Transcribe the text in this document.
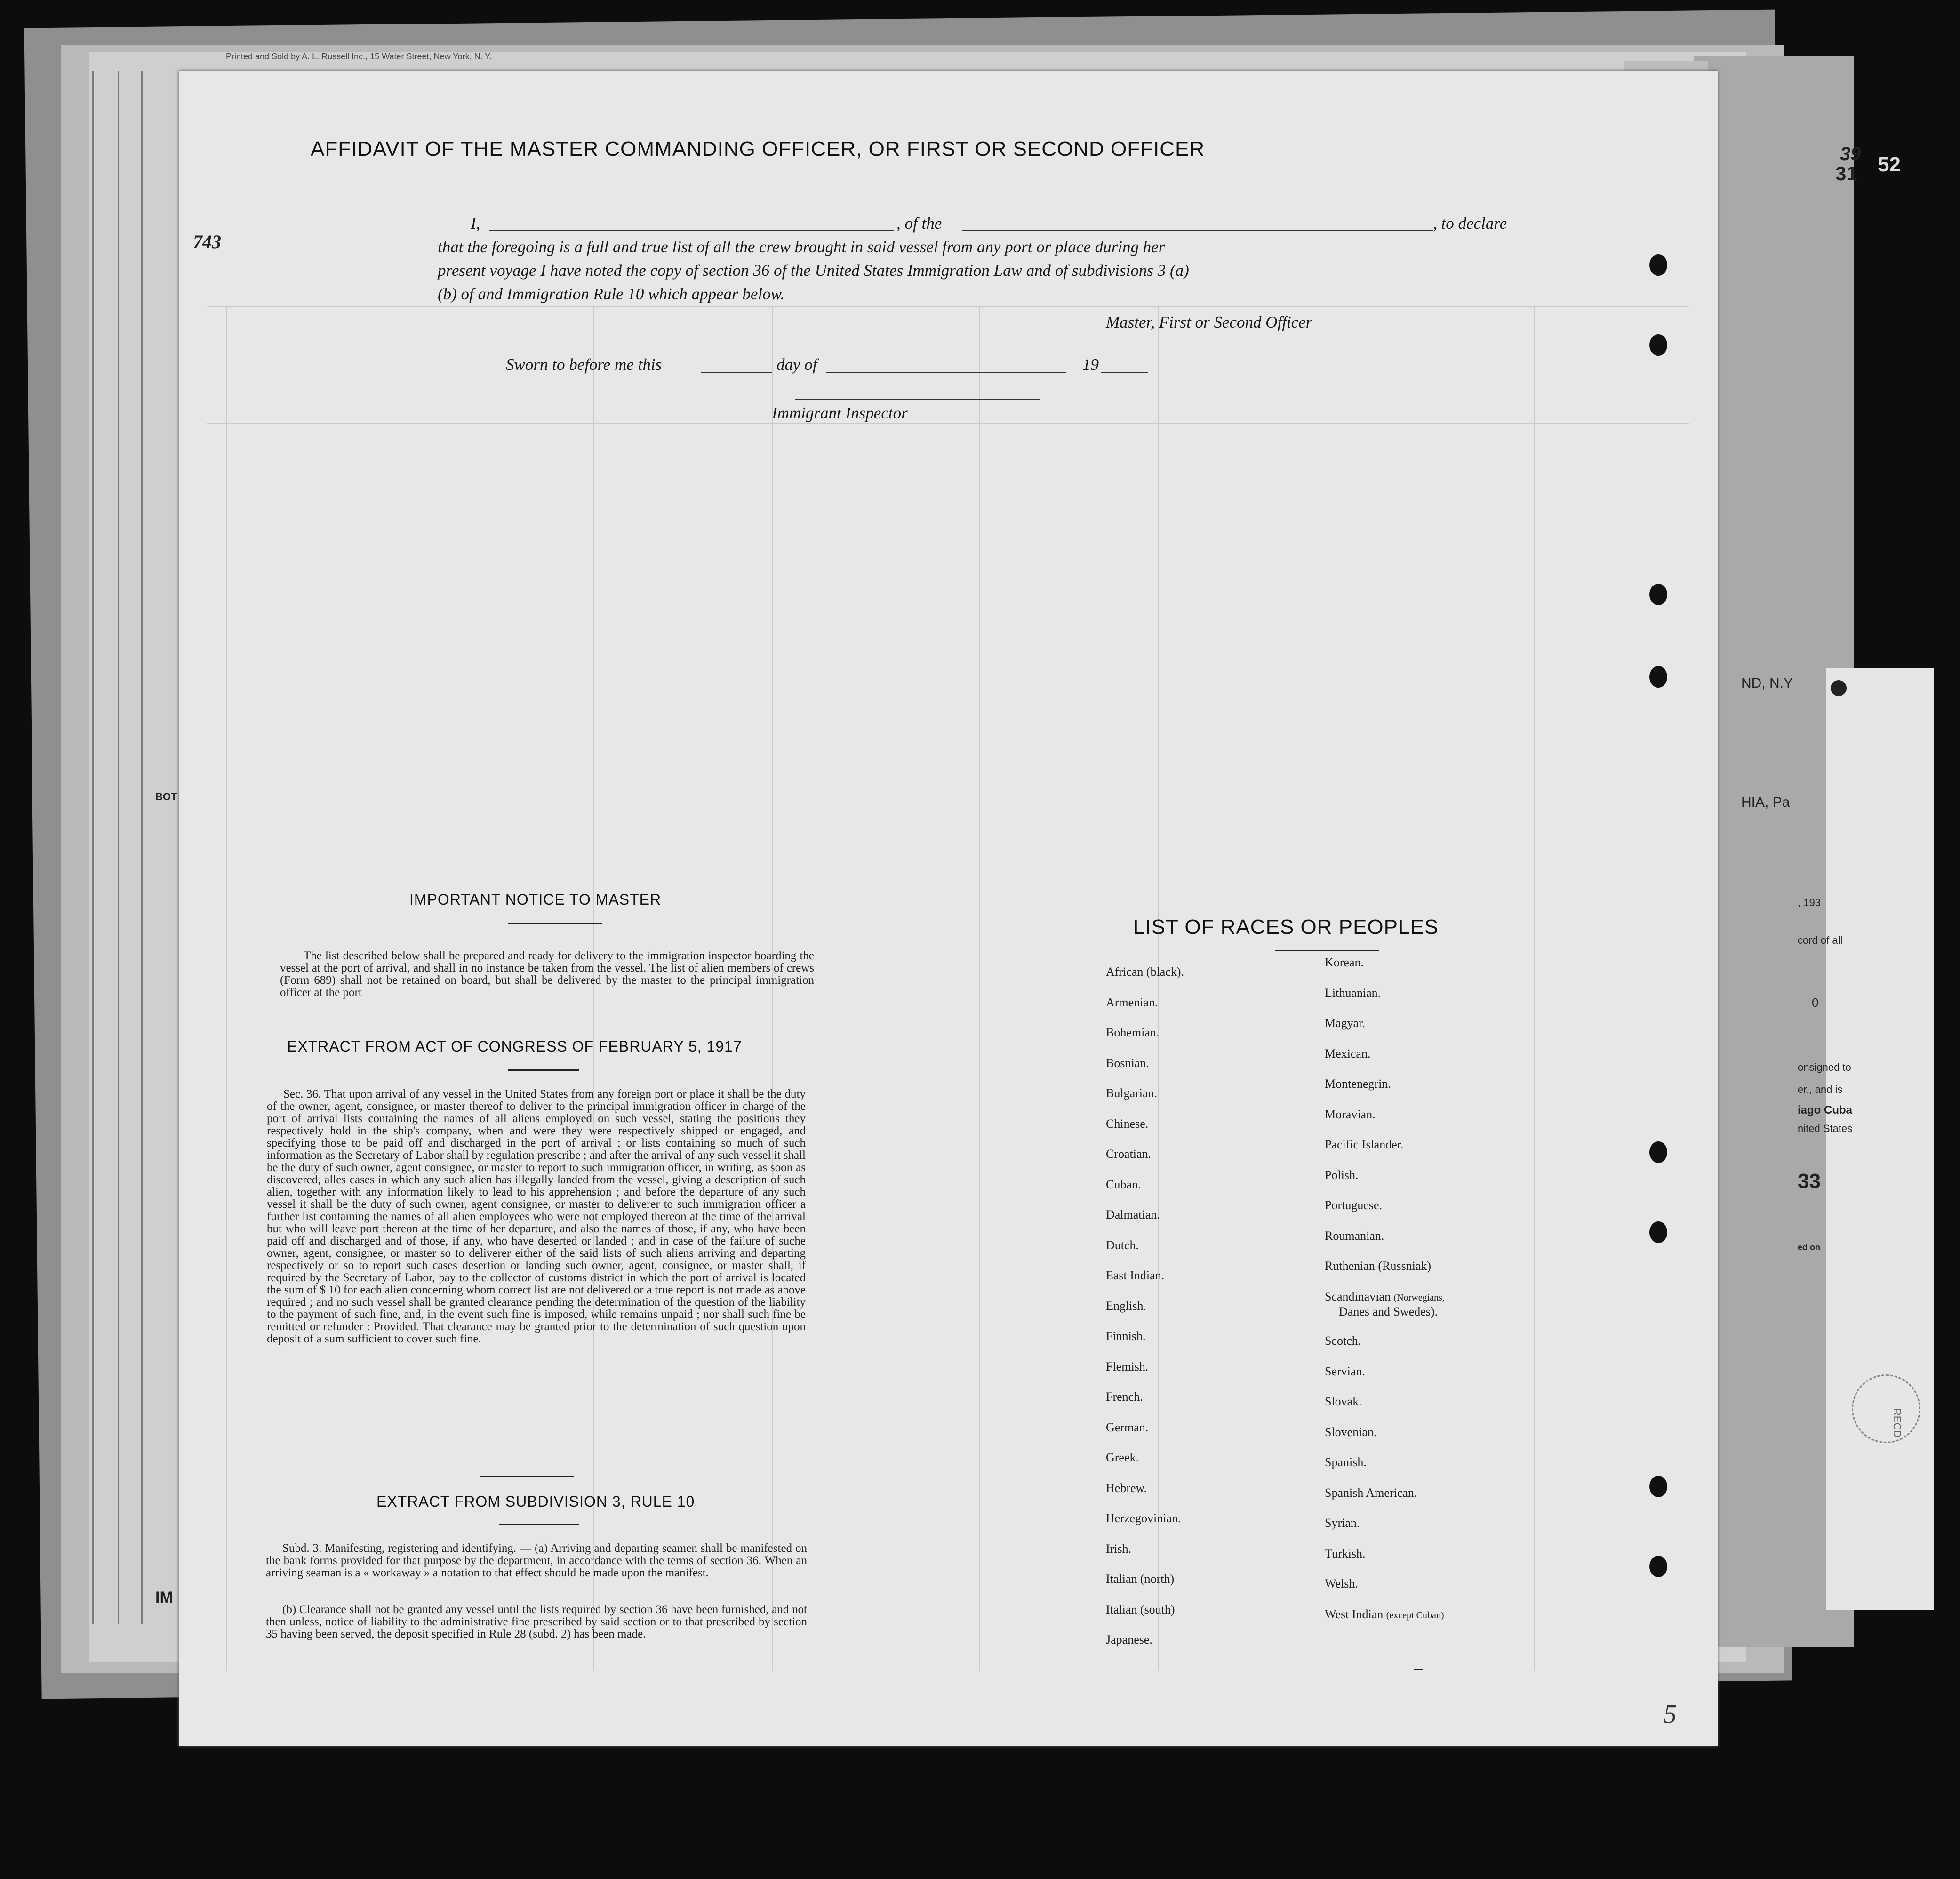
Printed and Sold by A. L. Russell Inc., 15 Water Street, New York, N. Y.
39
31 52
ND, N.Y
HIA, Pa
, 193
cord of all
0
onsigned to
er., and is
iago Cuba
nited States
33
ed on
RECD
IM
BOT
AFFIDAVIT OF THE MASTER COMMANDING OFFICER, OR FIRST OR SECOND OFFICER
743
I,	, of the	, to declare
that the foregoing is a full and true list of all the crew brought in said vessel from any port or place during her
present voyage I have noted the copy of section 36 of the United States Immigration Law and of subdivisions 3 (a)
(b) of and Immigration Rule 10 which appear below.
Master, First or Second Officer
Sworn to before me this	day of	19
Immigrant Inspector
IMPORTANT NOTICE TO MASTER
The list described below shall be prepared and ready for delivery to the immigration inspector boarding the vessel at the port of arrival, and shall in no instance be taken from the vessel. The list of alien members of crews (Form 689) shall not be retained on board, but shall be delivered by the master to the principal immigration officer at the port
EXTRACT FROM ACT OF CONGRESS OF FEBRUARY 5, 1917
Sec. 36. That upon arrival of any vessel in the United States from any foreign port or place it shall be the duty of the owner, agent, consignee, or master thereof to deliver to the principal immigration officer in charge of the port of arrival lists containing the names of all aliens employed on such vessel, stating the positions they respectively hold in the ship's company, when and were they were respectively shipped or engaged, and specifying those to be paid off and discharged in the port of arrival ; or lists containing so much of such information as the Secretary of Labor shall by regulation prescribe ; and after the arrival of any such vessel it shall be the duty of such owner, agent consignee, or master to report to such immigration officer, in writing, as soon as discovered, alles cases in which any such alien has illegally landed from the vessel, giving a description of such alien, together with any information likely to lead to his apprehension ; and before the departure of any such vessel it shall be the duty of such owner, agent consignee, or master to deliverer to such immigration officer a further list containing the names of all alien employees who were not employed thereon at the time of the arrival but who will leave port thereon at the time of her departure, and also the names of those, if any, who have been paid off and discharged and of those, if any, who have deserted or landed ; and in case of the failure of suche owner, agent, consignee, or master so to deliverer either of the said lists of such aliens arriving and departing respectively or so to report such cases desertion or landing such owner, agent, consignee, or master shall, if required by the Secretary of Labor, pay to the collector of customs district in which the port of arrival is located the sum of $ 10 for each alien concerning whom correct list are not delivered or a true report is not made as above required ; and no such vessel shall be granted clearance pending the determination of the question of the liability to the payment of such fine, and, in the event such fine is imposed, while remains unpaid ; nor shall such fine be remitted or refunder : Provided. That clearance may be granted prior to the determination of such question upon deposit of a sum sufficient to cover such fine.
EXTRACT FROM SUBDIVISION 3, RULE 10
Subd. 3. Manifesting, registering and identifying. — (a) Arriving and departing seamen shall be manifested on the bank forms provided for that purpose by the department, in accordance with the terms of section 36. When an arriving seaman is a « workaway » a notation to that effect should be made upon the manifest.
(b) Clearance shall not be granted any vessel until the lists required by section 36 have been furnished, and not then unless, notice of liability to the administrative fine prescribed by said section or to that prescribed by section 35 having been served, the deposit specified in Rule 28 (subd. 2) has been made.
LIST OF RACES OR PEOPLES
5
African (black).
Armenian.
Bohemian.
Bosnian.
Bulgarian.
Chinese.
Croatian.
Cuban.
Dalmatian.
Dutch.
East Indian.
English.
Finnish.
Flemish.
French.
German.
Greek.
Hebrew.
Herzegovinian.
Irish.
Italian (north)
Italian (south)
Japanese.
Korean.
Lithuanian.
Magyar.
Mexican.
Montenegrin.
Moravian.
Pacific Islander.
Polish.
Portuguese.
Roumanian.
Ruthenian (Russniak)
Danes and Swedes).
Scandinavian (Norwegians,
Scotch.
Servian.
Slovak.
Slovenian.
Spanish.
Spanish American.
Syrian.
Turkish.
Welsh.
West Indian (except Cuban)
